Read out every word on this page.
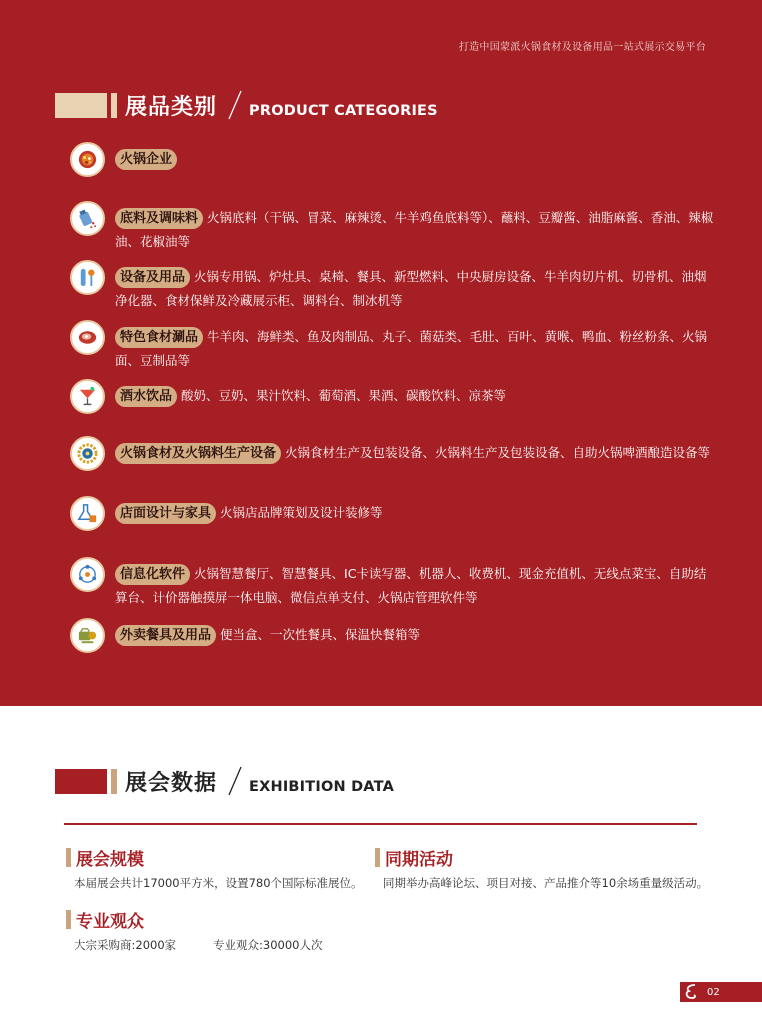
打造中国蒙派火锅食材及设备用品一站式展示交易平台
展品类别 PRODUCT CATEGORIES
火锅企业
底料及调味料 火锅底料（干锅、冒菜、麻辣烫、牛羊鸡鱼底料等）、蘸料、豆瓣酱、油脂麻酱、香油、辣椒油、花椒油等
设备及用品 火锅专用锅、炉灶具、桌椅、餐具、新型燃料、中央厨房设备、牛羊肉切片机、切骨机、油烟净化器、食材保鲜及冷藏展示柜、调料台、制冰机等
特色食材涮品 牛羊肉、海鲜类、鱼及肉制品、丸子、菌菇类、毛肚、百叶、黄喉、鸭血、粉丝粉条、火锅面、豆制品等
酒水饮品 酸奶、豆奶、果汁饮料、葡萄酒、果酒、碳酸饮料、凉茶等
火锅食材及火锅料生产设备 火锅食材生产及包装设备、火锅料生产及包装设备、自助火锅啤酒酿造设备等
店面设计与家具 火锅店品牌策划及设计装修等
信息化软件 火锅智慧餐厅、智慧餐具、IC卡读写器、机器人、收费机、现金充值机、无线点菜宝、自助结算台、计价器触摸屏一体电脑、微信点单支付、火锅店管理软件等
外卖餐具及用品 便当盒、一次性餐具、保温快餐箱等
展会数据 EXHIBITION DATA
展会规模
本届展会共计17000平方米，设置780个国际标准展位。
同期活动
同期举办高峰论坛、项目对接、产品推介等10余场重量级活动。
专业观众
大宗采购商:2000家	专业观众:30000人次
02
